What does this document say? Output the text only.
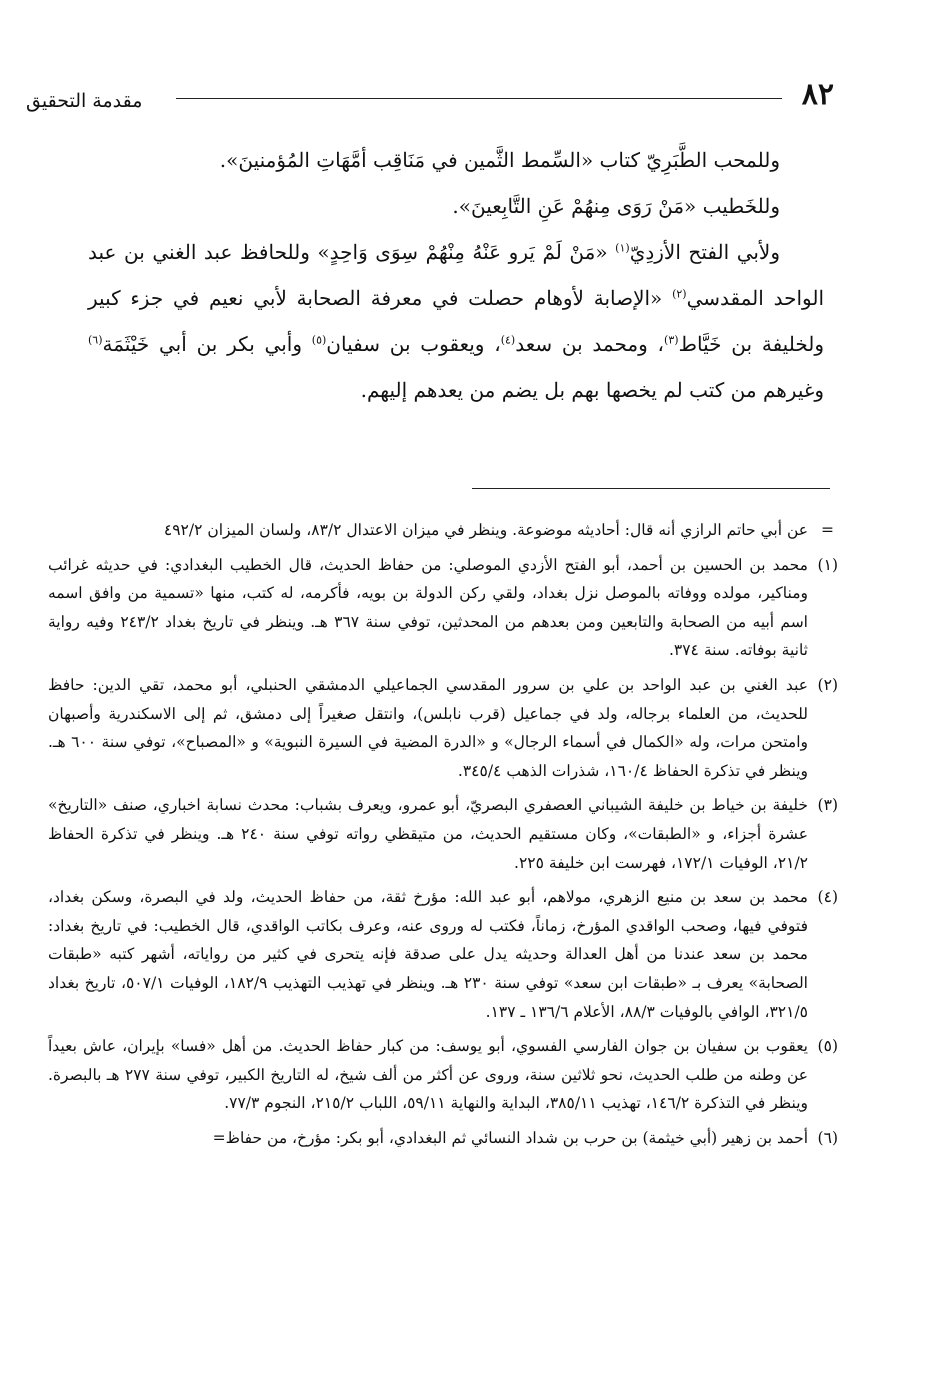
٨٢
مقدمة التحقيق

وللمحب الطَّبَرِيّ كتاب «السِّمط الثَّمين في مَنَاقِب أمَّهَاتِ المُؤمنينَ».

وللخَطيب «مَنْ رَوَى مِنهُمْ عَنِ التَّابِعينَ».

ولأبي الفتح الأزدِيّ$^{(١)}$ «مَنْ لَمْ يَرو عَنْهُ مِنْهُمْ سِوَى وَاحِدٍ» وللحافظ عبد الغني بن عبد الواحد المقدسي$^{(٢)}$ «الإصابة لأوهام حصلت في معرفة الصحابة لأبي نعيم في جزء كبير ولخليفة بن خَيَّاط$^{(٣)}$، ومحمد بن سعد$^{(٤)}$، ويعقوب بن سفيان$^{(٥)}$ وأبي بكر بن أبي خَيْثَمَة$^{(٦)}$ وغيرهم من كتب لم يخصها بهم بل يضم من يعدهم إليهم.

=
عن أبي حاتم الرازي أنه قال: أحاديثه موضوعة. وينظر في ميزان الاعتدال ٨٣/٢، ولسان الميزان ٤٩٢/٢
(١)
محمد بن الحسين بن أحمد، أبو الفتح الأزدي الموصلي: من حفاظ الحديث، قال الخطيب البغدادي: في حديثه غرائب ومناكير، مولده ووفاته بالموصل نزل بغداد، ولقي ركن الدولة بن بويه، فأكرمه، له كتب، منها «تسمية من وافق اسمه اسم أبيه من الصحابة والتابعين ومن بعدهم من المحدثين، توفي سنة ٣٦٧ هـ. وينظر في تاريخ بغداد ٢٤٣/٢ وفيه رواية ثانية بوفاته. سنة ٣٧٤.
(٢)
عبد الغني بن عبد الواحد بن علي بن سرور المقدسي الجماعيلي الدمشقي الحنبلي، أبو محمد، تقي الدين: حافظ للحديث، من العلماء برجاله، ولد في جماعيل (قرب نابلس)، وانتقل صغيراً إلى دمشق، ثم إلى الاسكندرية وأصبهان وامتحن مرات، وله «الكمال في أسماء الرجال» و «الدرة المضية في السيرة النبوية» و «المصباح»، توفي سنة ٦٠٠ هـ. وينظر في تذكرة الحفاظ ١٦٠/٤، شذرات الذهب ٣٤٥/٤.
(٣)
خليفة بن خياط بن خليفة الشيباني العصفري البصريّ، أبو عمرو، ويعرف بشباب: محدث نسابة اخباري، صنف «التاريخ» عشرة أجزاء، و «الطبقات»، وكان مستقيم الحديث، من متيقظي رواته توفي سنة ٢٤٠ هـ. وينظر في تذكرة الحفاظ ٢١/٢، الوفيات ١٧٢/١، فهرست ابن خليفة ٢٢٥.
(٤)
محمد بن سعد بن منيع الزهري، مولاهم، أبو عبد الله: مؤرخ ثقة، من حفاظ الحديث، ولد في البصرة، وسكن بغداد، فتوفي فيها، وصحب الواقدي المؤرخ، زماناً، فكتب له وروى عنه، وعرف بكاتب الواقدي، قال الخطيب: في تاريخ بغداد: محمد بن سعد عندنا من أهل العدالة وحديثه يدل على صدقة فإنه يتحرى في كثير من رواياته، أشهر كتبه «طبقات الصحابة» يعرف بـ «طبقات ابن سعد» توفي سنة ٢٣٠ هـ. وينظر في تهذيب التهذيب ١٨٢/٩، الوفيات ٥٠٧/١، تاريخ بغداد ٣٢١/٥، الوافي بالوفيات ٨٨/٣، الأعلام ١٣٦/٦ ـ ١٣٧.
(٥)
يعقوب بن سفيان بن جوان الفارسي الفسوي، أبو يوسف: من كبار حفاظ الحديث. من أهل «فسا» بإيران، عاش بعيداً عن وطنه من طلب الحديث، نحو ثلاثين سنة، وروى عن أكثر من ألف شيخ، له التاريخ الكبير، توفي سنة ٢٧٧ هـ بالبصرة. وينظر في التذكرة ١٤٦/٢، تهذيب ٣٨٥/١١، البداية والنهاية ٥٩/١١، اللباب ٢١٥/٢، النجوم ٧٧/٣.
(٦)
أحمد بن زهير (أبي خيثمة) بن حرب بن شداد النسائي ثم البغدادي، أبو بكر: مؤرخ، من حفاظ=
